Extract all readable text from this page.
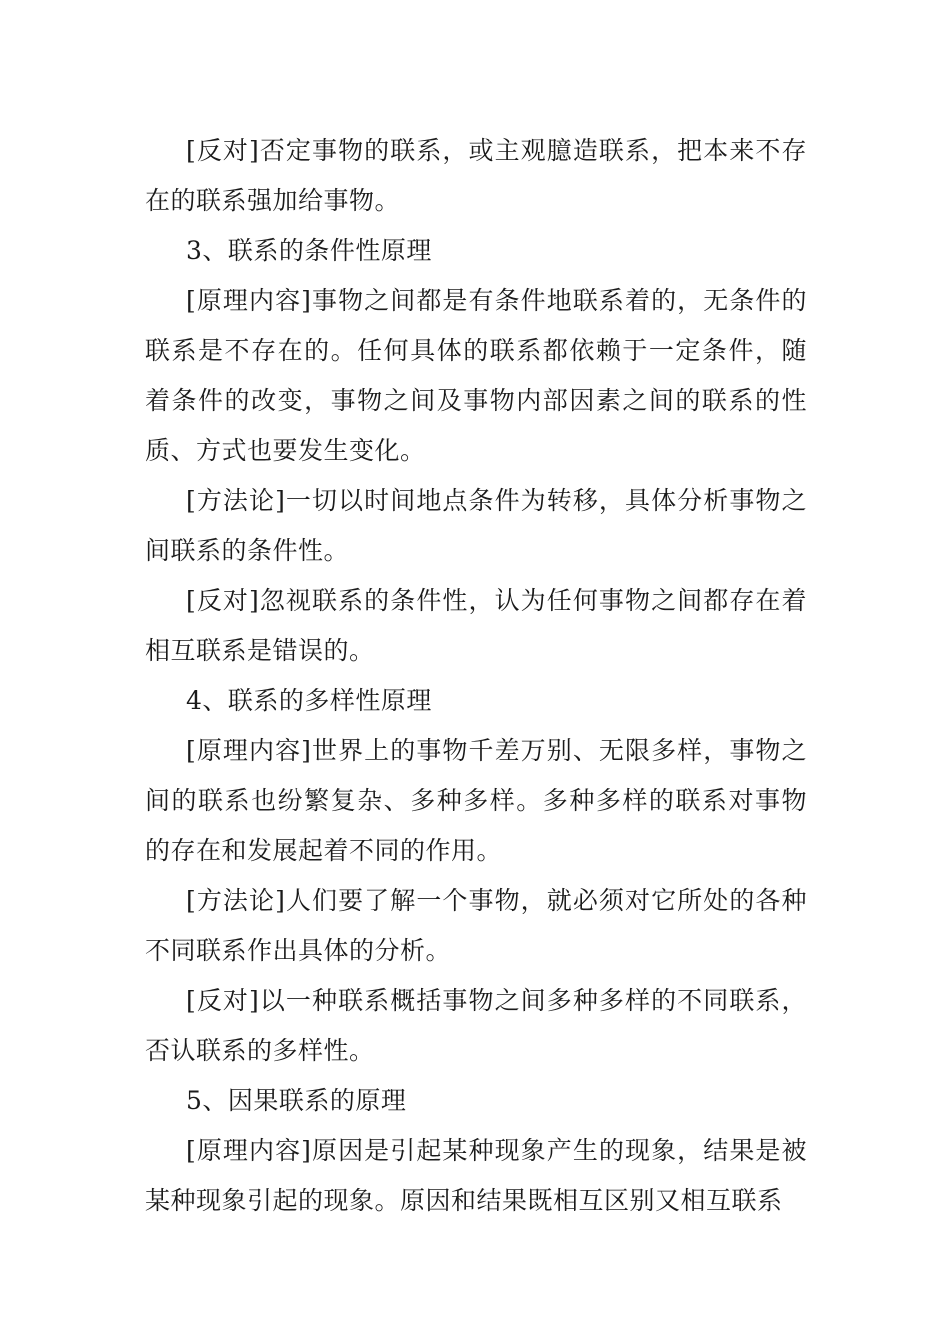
[反对]否定事物的联系，或主观臆造联系，把本来不存在的联系强加给事物。

3、联系的条件性原理

[原理内容]事物之间都是有条件地联系着的，无条件的联系是不存在的。任何具体的联系都依赖于一定条件，随着条件的改变，事物之间及事物内部因素之间的联系的性质、方式也要发生变化。

[方法论]一切以时间地点条件为转移，具体分析事物之间联系的条件性。

[反对]忽视联系的条件性，认为任何事物之间都存在着相互联系是错误的。

4、联系的多样性原理

[原理内容]世界上的事物千差万别、无限多样，事物之间的联系也纷繁复杂、多种多样。多种多样的联系对事物的存在和发展起着不同的作用。

[方法论]人们要了解一个事物，就必须对它所处的各种不同联系作出具体的分析。

[反对]以一种联系概括事物之间多种多样的不同联系，否认联系的多样性。

5、因果联系的原理

[原理内容]原因是引起某种现象产生的现象，结果是被某种现象引起的现象。原因和结果既相互区别又相互联系
